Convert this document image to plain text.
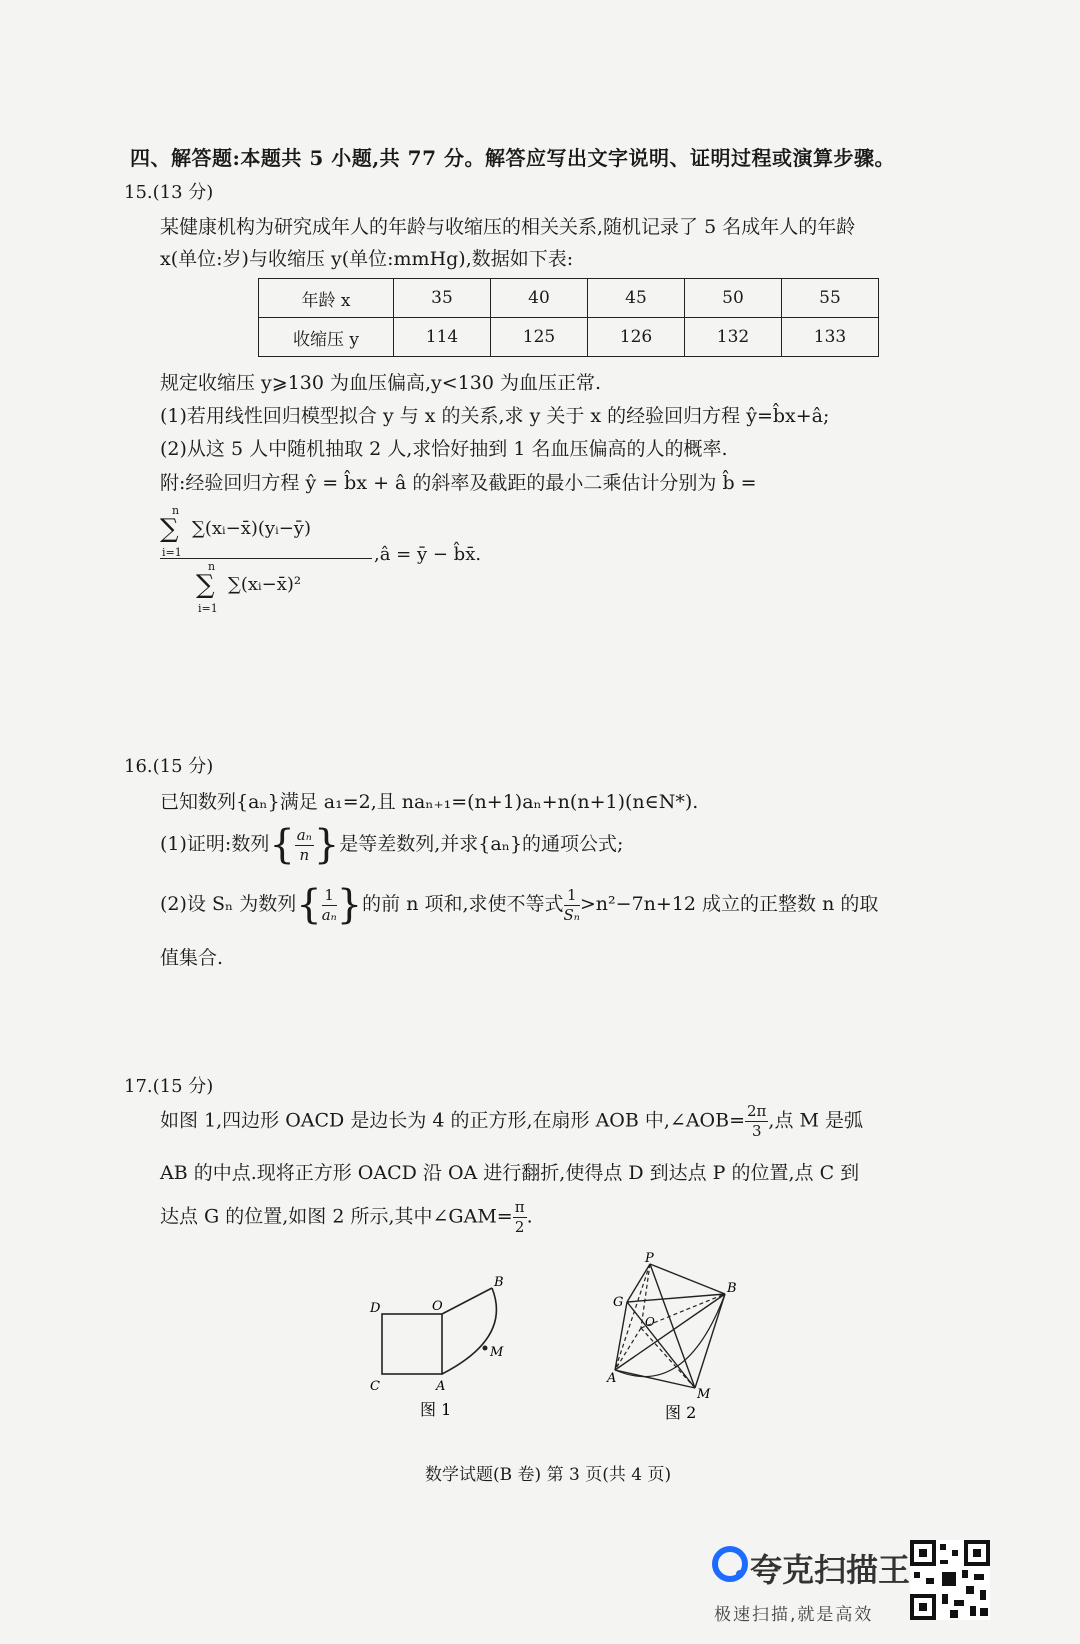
四、解答题:本题共 5 小题,共 77 分。解答应写出文字说明、证明过程或演算步骤。
15.(13 分)
某健康机构为研究成年人的年龄与收缩压的相关关系,随机记录了 5 名成年人的年龄
x(单位:岁)与收缩压 y(单位:mmHg),数据如下表:
年龄 x	35	40	45	50	55
收缩压 y	114	125	126	132	133
规定收缩压 y⩾130 为血压偏高,y<130 为血压正常.
(1)若用线性回归模型拟合 y 与 x 的关系,求 y 关于 x 的经验回归方程 ŷ=b̂x+â;
(2)从这 5 人中随机抽取 2 人,求恰好抽到 1 名血压偏高的人的概率.
附:经验回归方程 ŷ = b̂x + â 的斜率及截距的最小二乘估计分别为 b̂ =
n
∑
i=1
∑(xᵢ−x̄)(yᵢ−ȳ)
,â = ȳ − b̂x̄.
n
∑
i=1
∑(xᵢ−x̄)²
16.(15 分)
已知数列{aₙ}满足 a₁=2,且 naₙ₊₁=(n+1)aₙ+n(n+1)(n∈N*).
(1)证明:数列{ $\frac{\text{aₙ}}{n}$ }是等差数列,并求{aₙ}的通项公式;
(2)设 Sₙ 为数列{ $\frac{1}{\text{aₙ}}$ }的前 n 项和,求使不等式 $\frac{1}{\text{Sₙ}} >n^2-7n+12$ 成立的正整数 n 的取
值集合.
17.(15 分)
如图 1,四边形 OACD 是边长为 4 的正方形,在扇形 AOB 中,∠AOB= $\frac{2\pi}{3}$ ,点 M 是弧
AB 的中点.现将正方形 OACD 沿 OA 进行翻折,使得点 D 到达点 P 的位置,点 C 到
达点 G 的位置,如图 2 所示,其中∠GAM= $\frac{\pi}{2}$ .
D	O
B
M
C	A
图 1
P
B
G
O
A
M
图 2
数学试题(B 卷) 第 3 页(共 4 页)
夸克扫描王
极速扫描,就是高效
